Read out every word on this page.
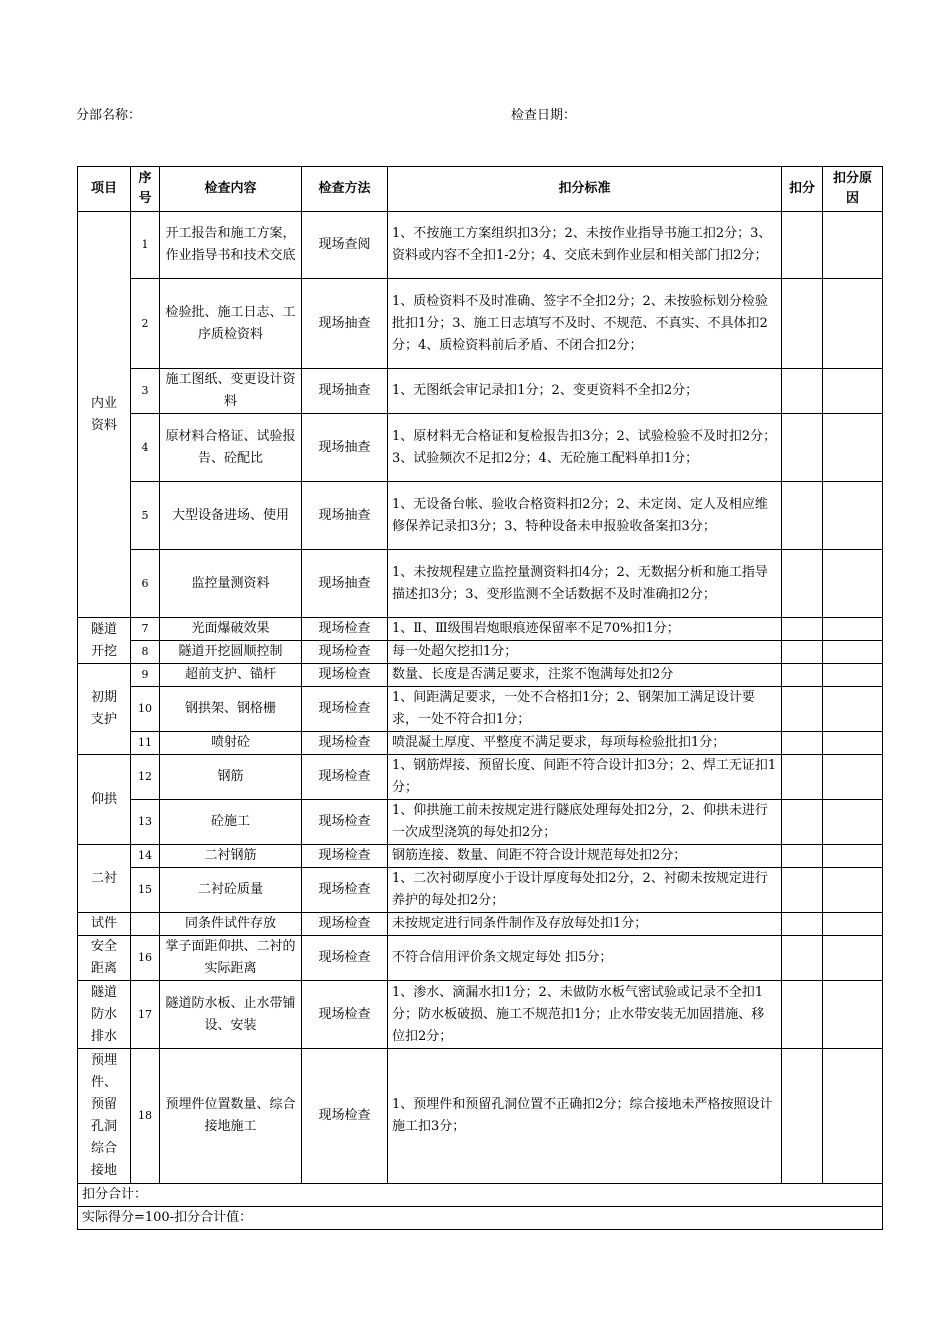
分部名称：	检查日期：
项目	序号	检查内容	检查方法	扣分标准	扣分	扣分原因
内业资料	1	开工报告和施工方案，作业指导书和技术交底	现场查阅	1、不按施工方案组织扣3分；2、未按作业指导书施工扣2分；3、资料或内容不全扣1-2分；4、交底未到作业层和相关部门扣2分；		
	2	检验批、施工日志、工序质检资料	现场抽查	1、质检资料不及时准确、签字不全扣2分；2、未按验标划分检验批扣1分；3、施工日志填写不及时、不规范、不真实、不具体扣2分；4、质检资料前后矛盾、不闭合扣2分；		
	3	施工图纸、变更设计资料	现场抽查	1、无图纸会审记录扣1分；2、变更资料不全扣2分；		
	4	原材料合格证、试验报告、砼配比	现场抽查	1、原材料无合格证和复检报告扣3分；2、试验检验不及时扣2分；3、试验频次不足扣2分；4、无砼施工配料单扣1分；		
	5	大型设备进场、使用	现场抽查	1、无设备台帐、验收合格资料扣2分；2、未定岗、定人及相应维修保养记录扣3分；3、特种设备未申报验收备案扣3分；		
	6	监控量测资料	现场抽查	1、未按规程建立监控量测资料扣4分；2、无数据分析和施工指导描述扣3分；3、变形监测不全话数据不及时准确扣2分；		
隧道开挖	7	光面爆破效果	现场检查	1、Ⅱ、Ⅲ级围岩炮眼痕迹保留率不足70%扣1分；		
	8	隧道开挖圆顺控制	现场检查	每一处超欠挖扣1分；		
初期支护	9	超前支护、锚杆	现场检查	数量、长度是否满足要求，注浆不饱满每处扣2分		
	10	钢拱架、钢格栅	现场检查	1、间距满足要求，一处不合格扣1分；2、钢架加工满足设计要求，一处不符合扣1分；		
	11	喷射砼	现场检查	喷混凝土厚度、平整度不满足要求，每项每检验批扣1分；		
仰拱	12	钢筋	现场检查	1、钢筋焊接、预留长度、间距不符合设计扣3分；2、焊工无证扣1分；		
	13	砼施工	现场检查	1、仰拱施工前未按规定进行隧底处理每处扣2分，2、仰拱未进行一次成型浇筑的每处扣2分；		
二衬	14	二衬钢筋	现场检查	钢筋连接、数量、间距不符合设计规范每处扣2分；		
	15	二衬砼质量	现场检查	1、二次衬砌厚度小于设计厚度每处扣2分，2、衬砌未按规定进行养护的每处扣2分；		
试件		同条件试件存放	现场检查	未按规定进行同条件制作及存放每处扣1分；		
安全距离	16	掌子面距仰拱、二衬的实际距离	现场检查	不符合信用评价条文规定每处 扣5分；		
隧道防水排水	17	隧道防水板、止水带铺设、安装	现场检查	1、渗水、滴漏水扣1分；2、未做防水板气密试验或记录不全扣1分；防水板破损、施工不规范扣1分；止水带安装无加固措施、移位扣2分；		
预埋件、预留孔洞综合接地	18	预埋件位置数量、综合接地施工	现场检查	1、预埋件和预留孔洞位置不正确扣2分；综合接地未严格按照设计施工扣3分；		
扣分合计：						
实际得分=100-扣分合计值：						
